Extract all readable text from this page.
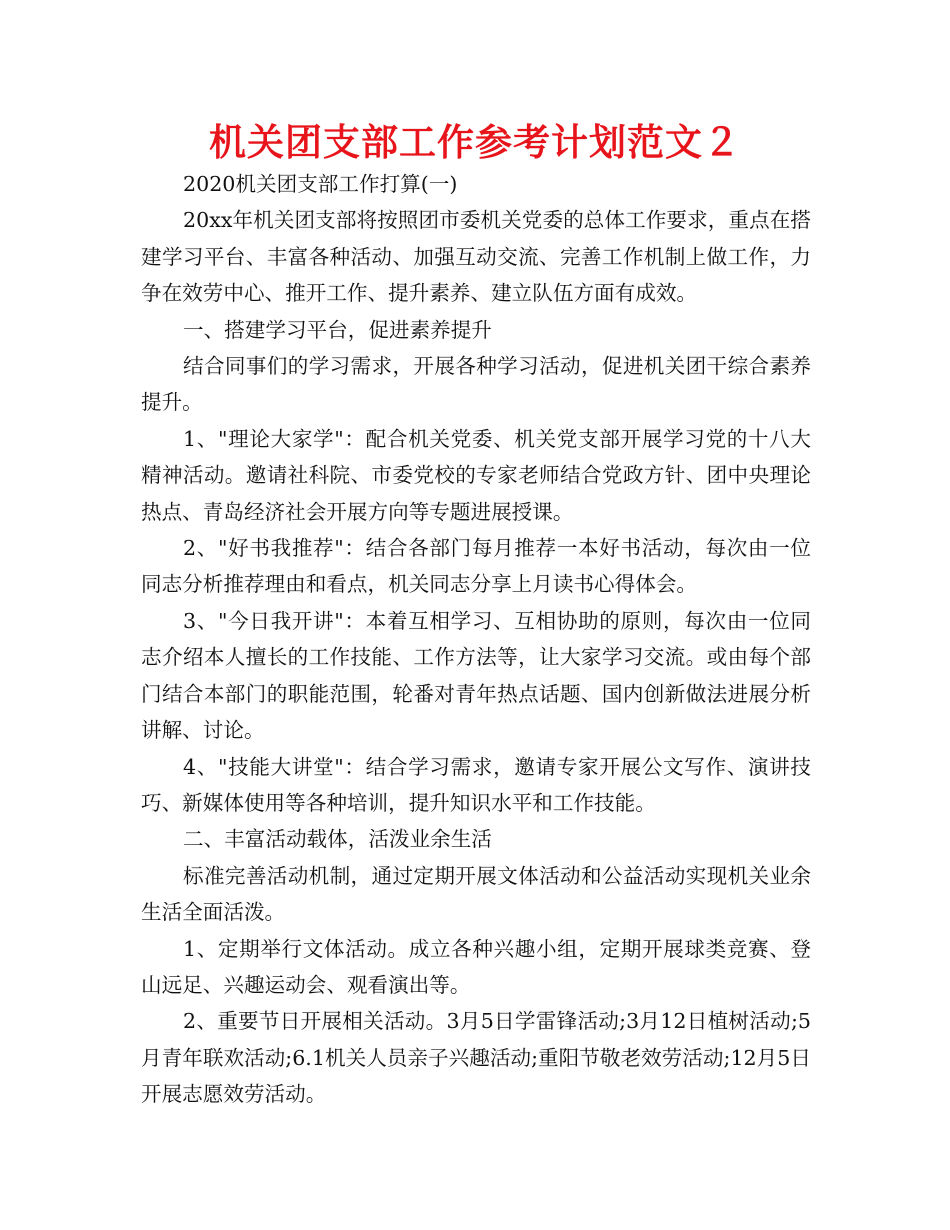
机关团支部工作参考计划范文２

2020机关团支部工作打算(一)

20xx年机关团支部将按照团市委机关党委的总体工作要求，重点在搭建学习平台、丰富各种活动、加强互动交流、完善工作机制上做工作，力争在效劳中心、推开工作、提升素养、建立队伍方面有成效。

一、搭建学习平台，促进素养提升

结合同事们的学习需求，开展各种学习活动，促进机关团干综合素养提升。

1、"理论大家学"：配合机关党委、机关党支部开展学习党的十八大精神活动。邀请社科院、市委党校的专家老师结合党政方针、团中央理论热点、青岛经济社会开展方向等专题进展授课。

2、"好书我推荐"：结合各部门每月推荐一本好书活动，每次由一位同志分析推荐理由和看点，机关同志分享上月读书心得体会。

3、"今日我开讲"：本着互相学习、互相协助的原则，每次由一位同志介绍本人擅长的工作技能、工作方法等，让大家学习交流。或由每个部门结合本部门的职能范围，轮番对青年热点话题、国内创新做法进展分析讲解、讨论。

4、"技能大讲堂"：结合学习需求，邀请专家开展公文写作、演讲技巧、新媒体使用等各种培训，提升知识水平和工作技能。

二、丰富活动载体，活泼业余生活

标准完善活动机制，通过定期开展文体活动和公益活动实现机关业余生活全面活泼。

1、定期举行文体活动。成立各种兴趣小组，定期开展球类竞赛、登山远足、兴趣运动会、观看演出等。

2、重要节日开展相关活动。3月5日学雷锋活动;3月12日植树活动;5月青年联欢活动;6.1机关人员亲子兴趣活动;重阳节敬老效劳活动;12月5日开展志愿效劳活动。
